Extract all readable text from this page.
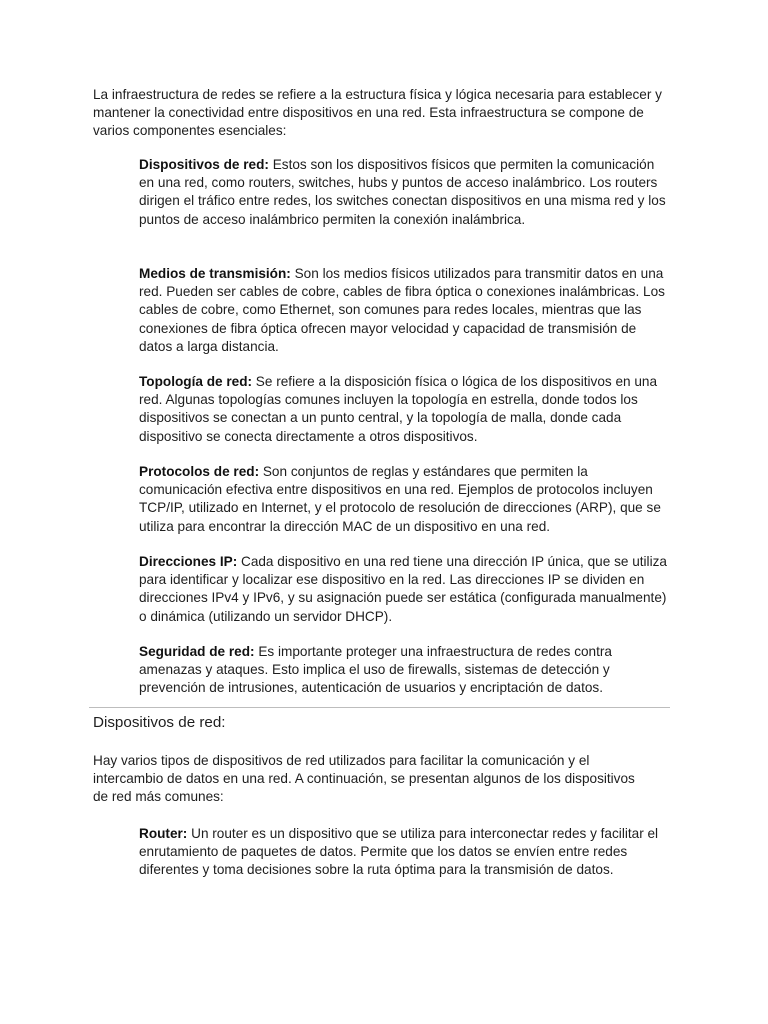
La infraestructura de redes se refiere a la estructura física y lógica necesaria para establecer y mantener la conectividad entre dispositivos en una red. Esta infraestructura se compone de varios componentes esenciales:

Dispositivos de red: Estos son los dispositivos físicos que permiten la comunicación en una red, como routers, switches, hubs y puntos de acceso inalámbrico. Los routers dirigen el tráfico entre redes, los switches conectan dispositivos en una misma red y los puntos de acceso inalámbrico permiten la conexión inalámbrica.

Medios de transmisión: Son los medios físicos utilizados para transmitir datos en una red. Pueden ser cables de cobre, cables de fibra óptica o conexiones inalámbricas. Los cables de cobre, como Ethernet, son comunes para redes locales, mientras que las conexiones de fibra óptica ofrecen mayor velocidad y capacidad de transmisión de datos a larga distancia.

Topología de red: Se refiere a la disposición física o lógica de los dispositivos en una red. Algunas topologías comunes incluyen la topología en estrella, donde todos los dispositivos se conectan a un punto central, y la topología de malla, donde cada dispositivo se conecta directamente a otros dispositivos.

Protocolos de red: Son conjuntos de reglas y estándares que permiten la comunicación efectiva entre dispositivos en una red. Ejemplos de protocolos incluyen TCP/IP, utilizado en Internet, y el protocolo de resolución de direcciones (ARP), que se utiliza para encontrar la dirección MAC de un dispositivo en una red.

Direcciones IP: Cada dispositivo en una red tiene una dirección IP única, que se utiliza para identificar y localizar ese dispositivo en la red. Las direcciones IP se dividen en direcciones IPv4 y IPv6, y su asignación puede ser estática (configurada manualmente) o dinámica (utilizando un servidor DHCP).

Seguridad de red: Es importante proteger una infraestructura de redes contra amenazas y ataques. Esto implica el uso de firewalls, sistemas de detección y prevención de intrusiones, autenticación de usuarios y encriptación de datos.

Dispositivos de red:

Hay varios tipos de dispositivos de red utilizados para facilitar la comunicación y el intercambio de datos en una red. A continuación, se presentan algunos de los dispositivos de red más comunes:

Router: Un router es un dispositivo que se utiliza para interconectar redes y facilitar el enrutamiento de paquetes de datos. Permite que los datos se envíen entre redes diferentes y toma decisiones sobre la ruta óptima para la transmisión de datos.
